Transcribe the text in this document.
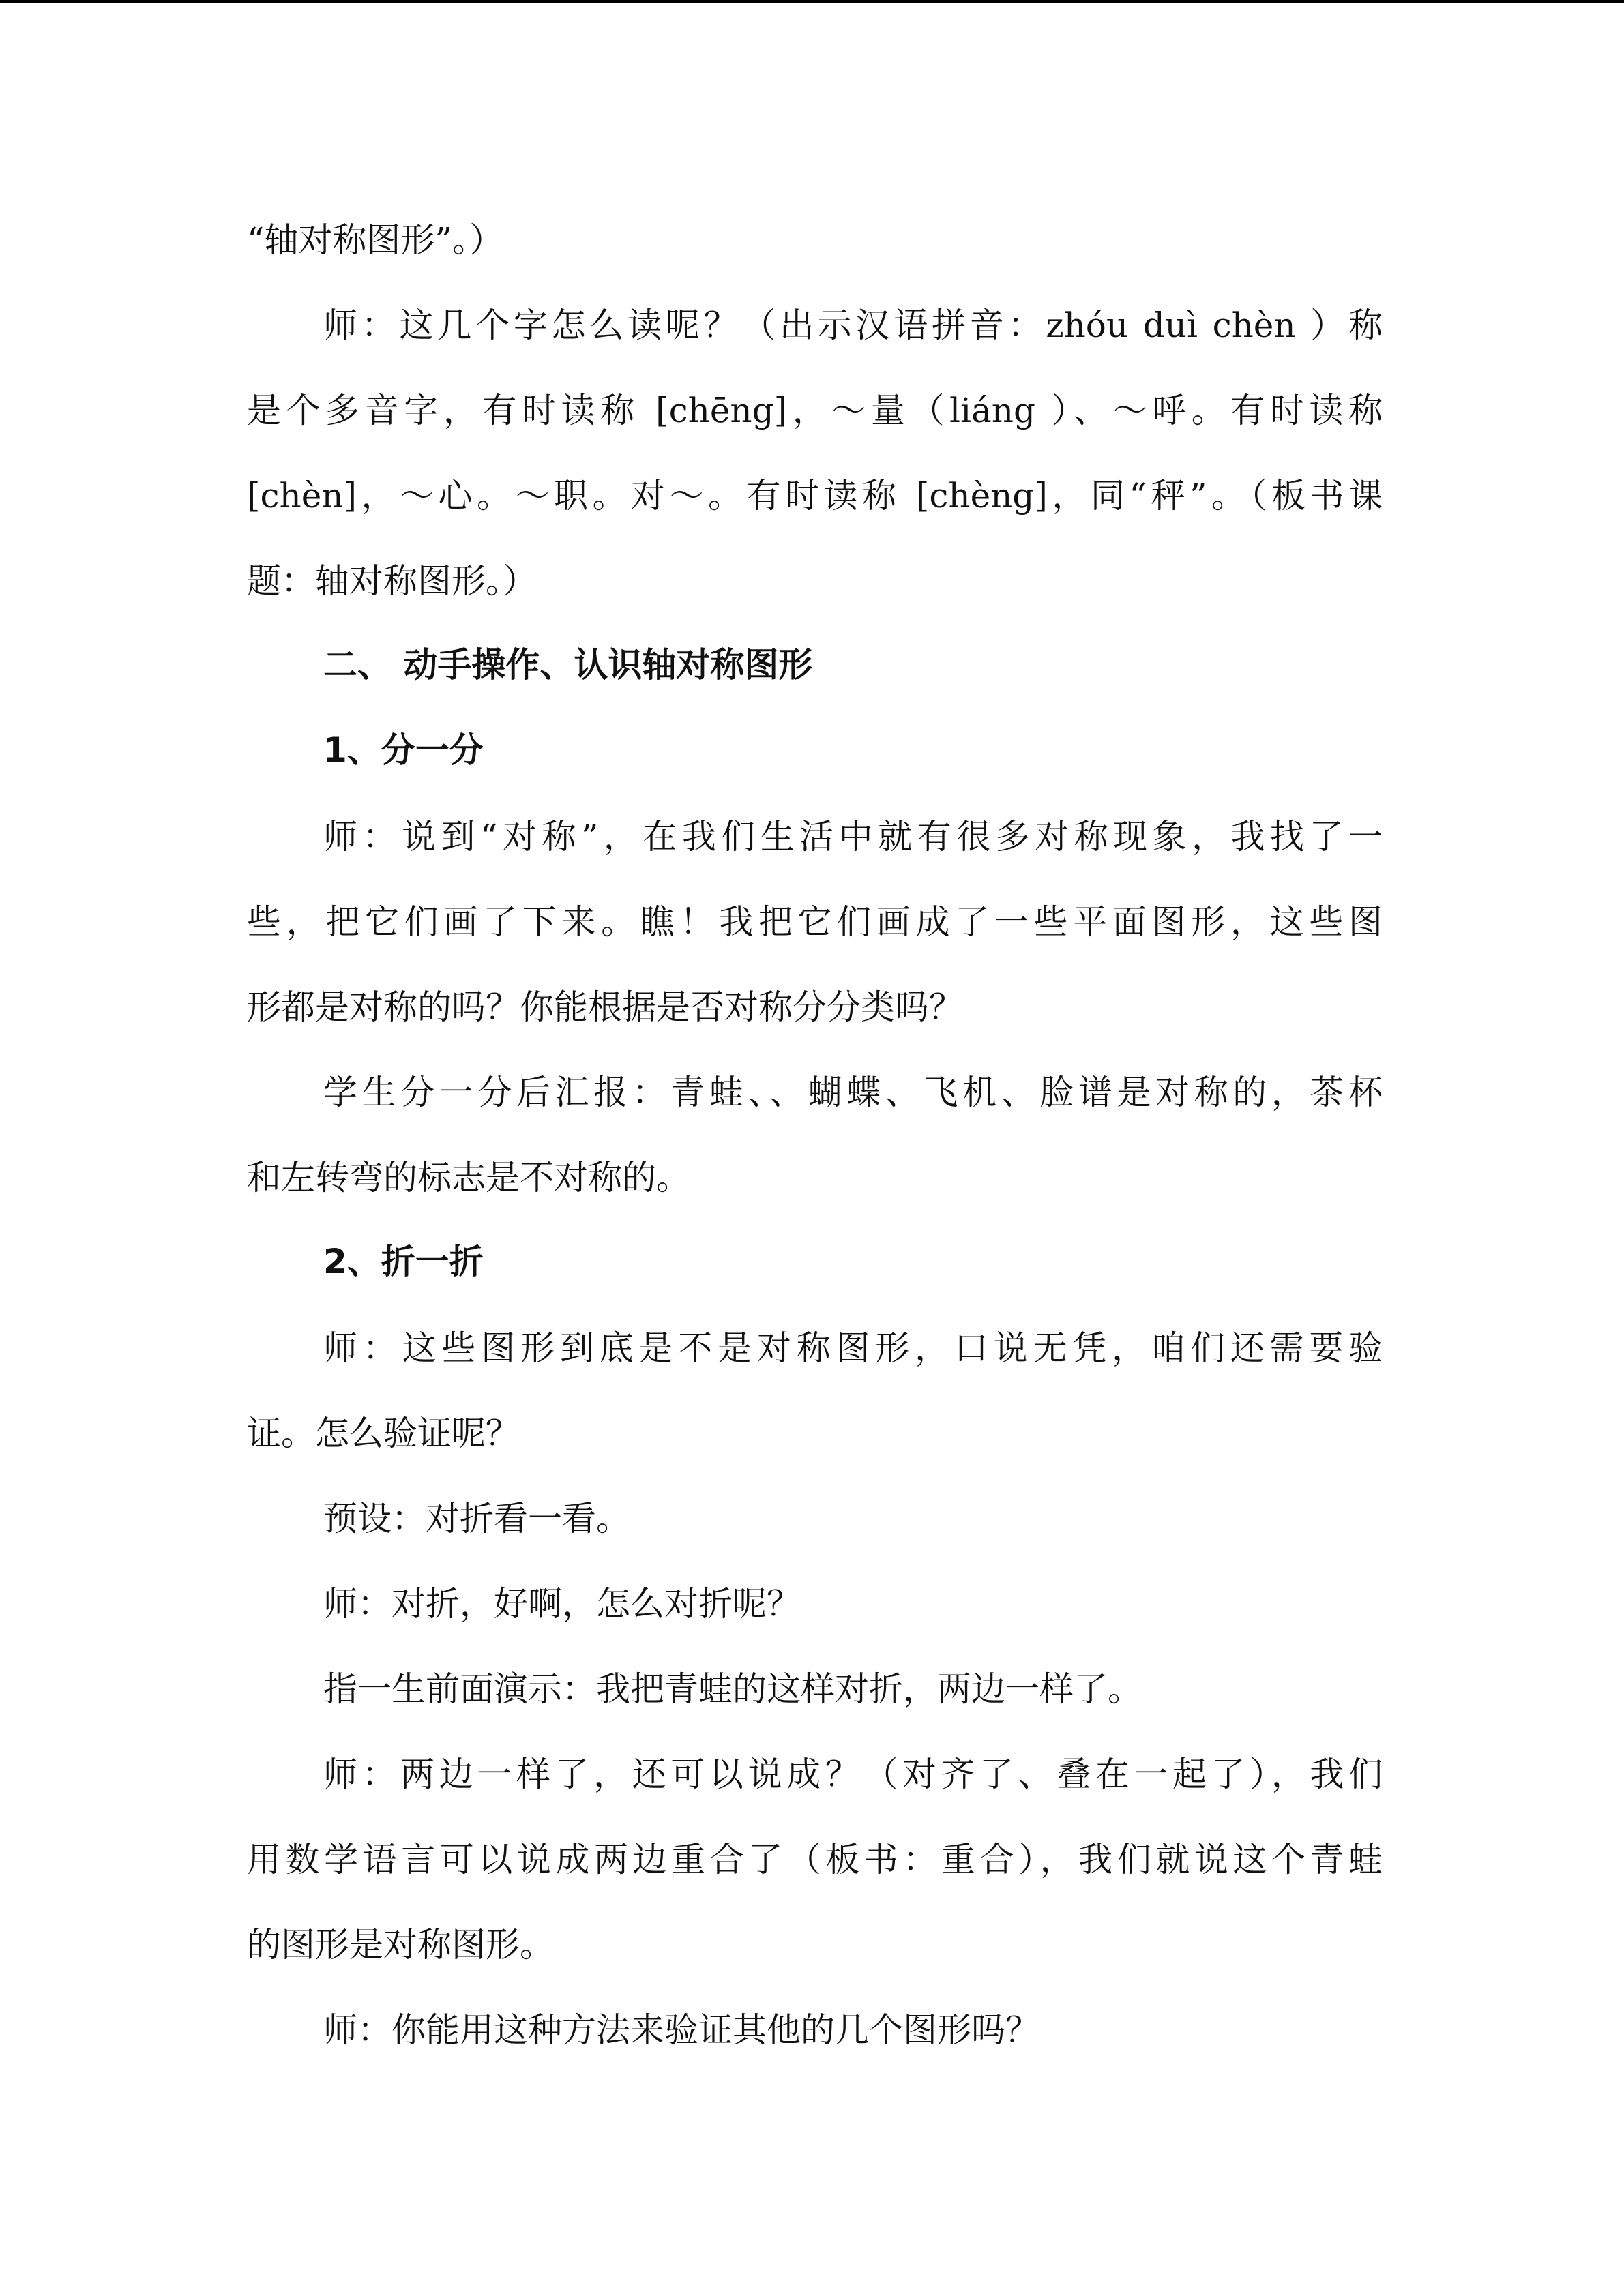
“轴对称图形”。）
师：这几个字怎么读呢？（出示汉语拼音：zhóu duì chèn ）称
是个多音字，有时读称 [chēng]，～量（liáng ）、～呼。有时读称
[chèn]，～心。～职。对～。有时读称 [chèng]，同“秤”。（板书课
题：轴对称图形。）
二、 动手操作、认识轴对称图形
1、分一分
师：说到“对称”，在我们生活中就有很多对称现象，我找了一
些，把它们画了下来。瞧！我把它们画成了一些平面图形，这些图
形都是对称的吗？你能根据是否对称分分类吗？
学生分一分后汇报：青蛙、、蝴蝶、飞机、脸谱是对称的，茶杯
和左转弯的标志是不对称的。
2、折一折
师：这些图形到底是不是对称图形，口说无凭，咱们还需要验
证。怎么验证呢？
预设：对折看一看。
师：对折，好啊，怎么对折呢？
指一生前面演示：我把青蛙的这样对折，两边一样了。
师：两边一样了，还可以说成？（对齐了、叠在一起了），我们
用数学语言可以说成两边重合了（板书：重合），我们就说这个青蛙
的图形是对称图形。
师：你能用这种方法来验证其他的几个图形吗？
